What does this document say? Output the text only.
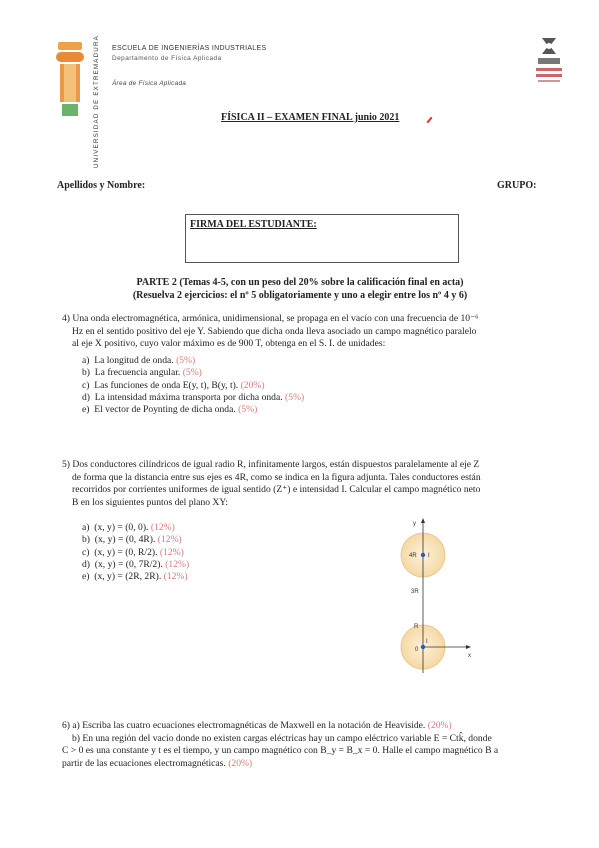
UNIVERSIDAD DE EXTREMADURA ESCUELA DE INGENIERÍAS INDUSTRIALES
Departamento de Física Aplicada
Área de Física Aplicada
FÍSICA II – EXAMEN FINAL junio 2021
Apellidos y Nombre:	GRUPO:
FIRMA DEL ESTUDIANTE:
PARTE 2 (Temas 4-5, con un peso del 20% sobre la calificación final en acta)
(Resuelva 2 ejercicios: el nº 5 obligatoriamente y uno a elegir entre los nº 4 y 6)
4) Una onda electromagnética, armónica, unidimensional, se propaga en el vacío con una frecuencia de 10⁻⁶
Hz en el sentido positivo del eje Y. Sabiendo que dicha onda lleva asociado un campo magnético paralelo
al eje X positivo, cuyo valor máximo es de 900 T, obtenga en el S. I. de unidades:
a) La longitud de onda. (5%)
b) La frecuencia angular. (5%)
c) Las funciones de onda E(y, t), B(y, t). (20%)
d) La intensidad máxima transporta por dicha onda. (5%)
e) El vector de Poynting de dicha onda. (5%)
5) Dos conductores cilíndricos de igual radio R, infinitamente largos, están dispuestos paralelamente al eje Z
de forma que la distancia entre sus ejes es 4R, como se indica en la figura adjunta. Tales conductores están
recorridos por corrientes uniformes de igual sentido (Z⁺) e intensidad I. Calcular el campo magnético neto
B en los siguientes puntos del plano XY:
a) (x, y) = (0, 0). (12%)
b) (x, y) = (0, 4R). (12%)
c) (x, y) = (0, R/2). (12%)
d) (x, y) = (0, 7R/2). (12%)
e) (x, y) = (2R, 2R). (12%)
y
x
4R
3R
R
I
I
0
6) a) Escriba las cuatro ecuaciones electromagnéticas de Maxwell en la notación de Heaviside. (20%)
b) En una región del vacío donde no existen cargas eléctricas hay un campo eléctrico variable E = Ctk̂, donde
C > 0 es una constante y t es el tiempo, y un campo magnético con B_y = B_x = 0. Halle el campo magnético B a
partir de las ecuaciones electromagnéticas. (20%)
